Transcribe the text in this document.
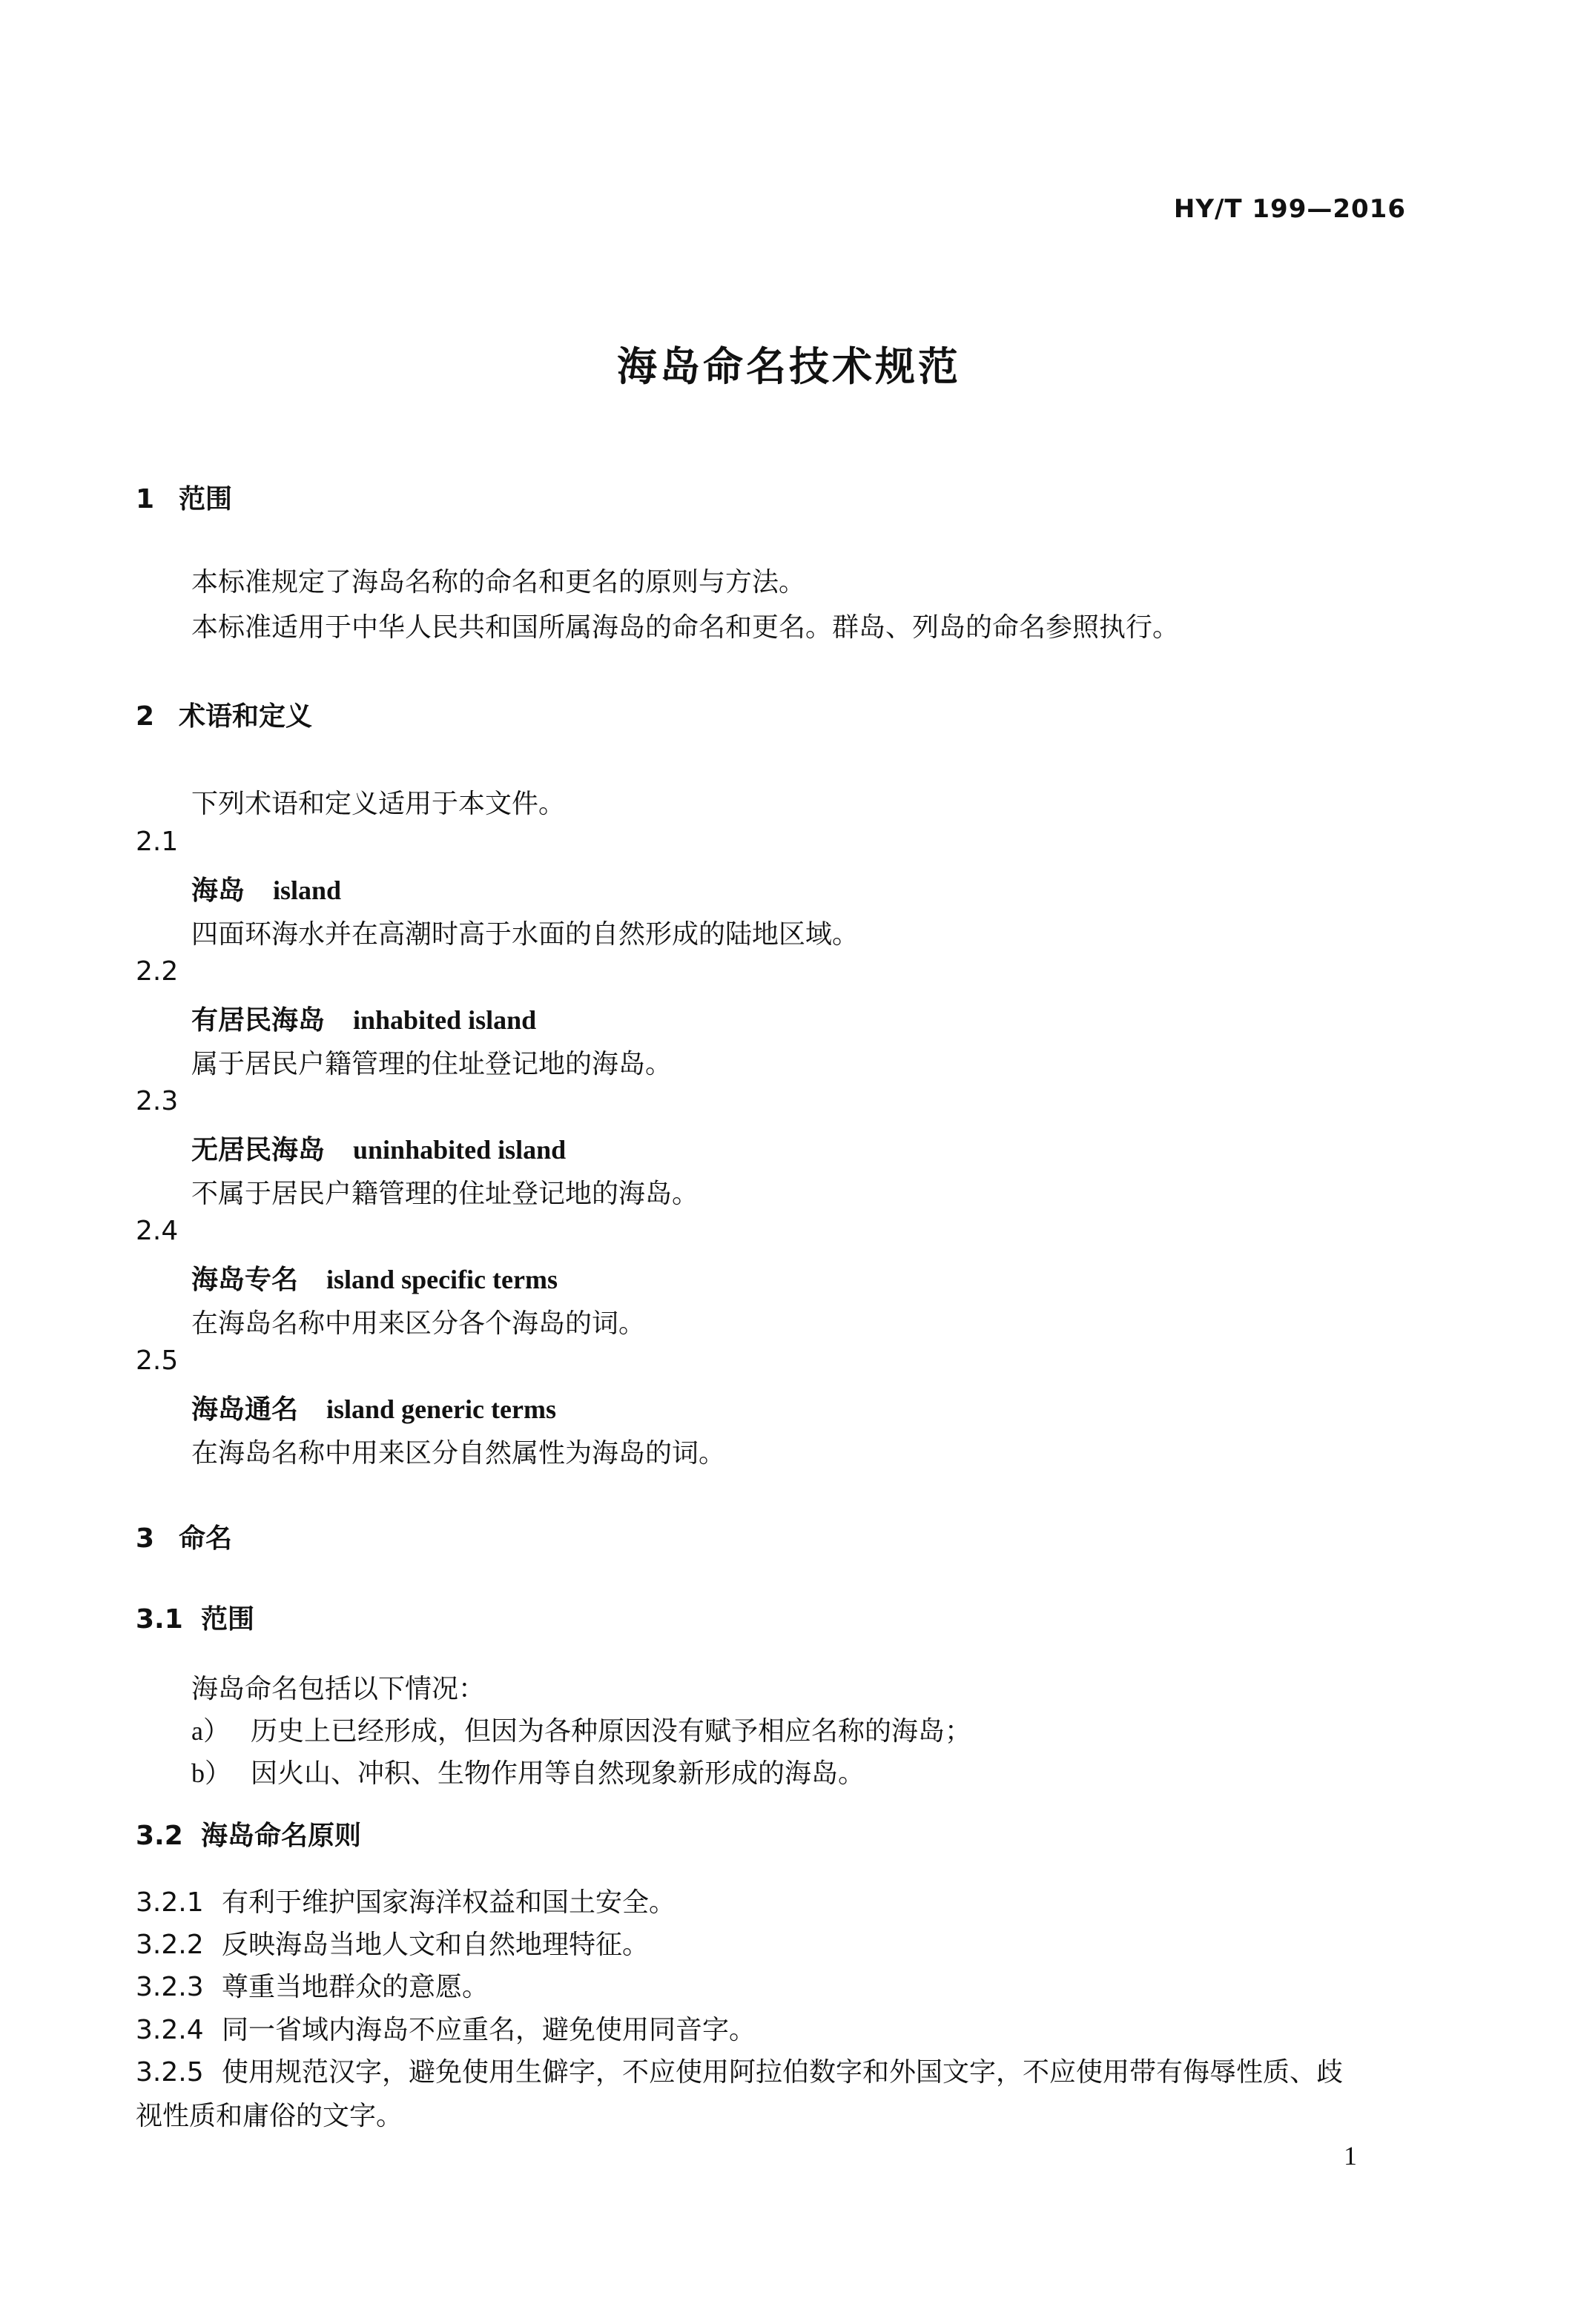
HY/T 199—2016
海岛命名技术规范
1 范围
本标准规定了海岛名称的命名和更名的原则与方法。
本标准适用于中华人民共和国所属海岛的命名和更名。群岛、列岛的命名参照执行。
2 术语和定义
下列术语和定义适用于本文件。
2.1
海岛 island
四面环海水并在高潮时高于水面的自然形成的陆地区域。
2.2
有居民海岛 inhabited island
属于居民户籍管理的住址登记地的海岛。
2.3
无居民海岛 uninhabited island
不属于居民户籍管理的住址登记地的海岛。
2.4
海岛专名 island specific terms
在海岛名称中用来区分各个海岛的词。
2.5
海岛通名 island generic terms
在海岛名称中用来区分自然属性为海岛的词。
3 命名
3.1 范围
海岛命名包括以下情况：
a） 历史上已经形成，但因为各种原因没有赋予相应名称的海岛；
b） 因火山、冲积、生物作用等自然现象新形成的海岛。
3.2 海岛命名原则
3.2.1 有利于维护国家海洋权益和国土安全。
3.2.2 反映海岛当地人文和自然地理特征。
3.2.3 尊重当地群众的意愿。
3.2.4 同一省域内海岛不应重名，避免使用同音字。
3.2.5 使用规范汉字，避免使用生僻字，不应使用阿拉伯数字和外国文字，不应使用带有侮辱性质、歧
视性质和庸俗的文字。
1
